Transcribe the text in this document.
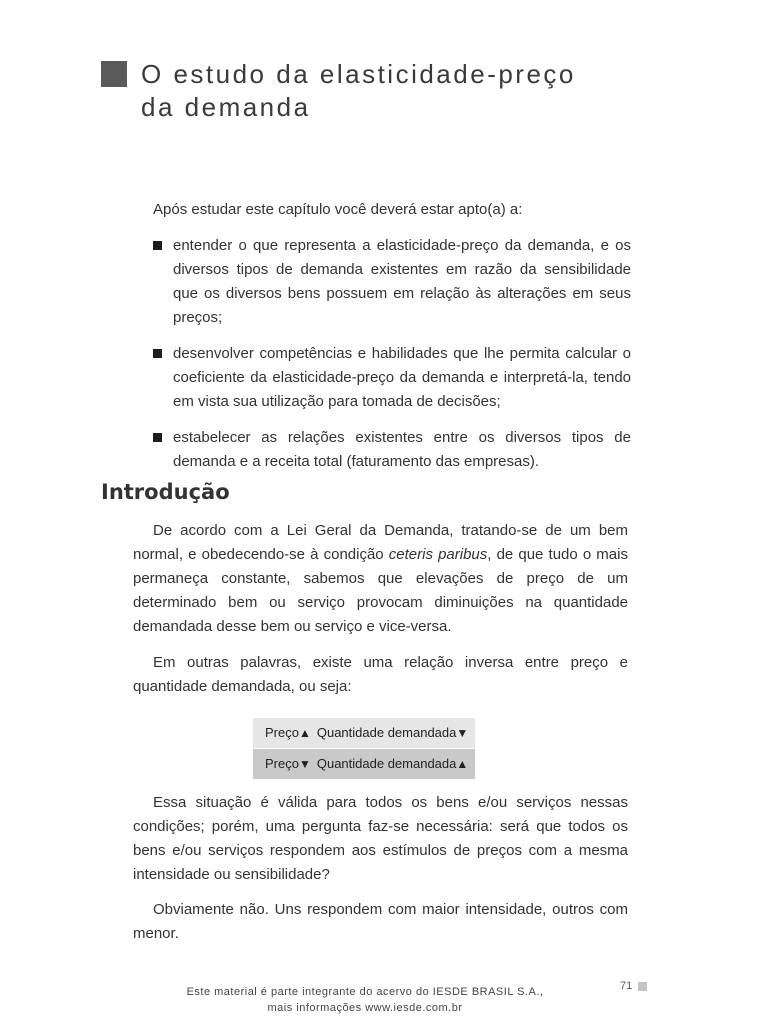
O estudo da elasticidade-preço
da demanda

Após estudar este capítulo você deverá estar apto(a) a:

entender o que representa a elasticidade-preço da demanda, e os diversos tipos de demanda existentes em razão da sensibilidade que os diversos bens possuem em relação às alterações em seus preços;
desenvolver competências e habilidades que lhe permita calcular o coeficiente da elasticidade-preço da demanda e interpretá-la, tendo em vista sua utilização para tomada de decisões;
estabelecer as relações existentes entre os diversos tipos de demanda e a receita total (faturamento das empresas).
Introdução

De acordo com a Lei Geral da Demanda, tratando-se de um bem normal, e obedecendo-se à condição ceteris paribus, de que tudo o mais permaneça constante, sabemos que elevações de preço de um determinado bem ou serviço provocam diminuições na quantidade demandada desse bem ou serviço e vice-versa.

Em outras palavras, existe uma relação inversa entre preço e quantidade demandada, ou seja:

Preço▲ Quantidade demandada▼
Preço▼ Quantidade demandada▲

Essa situação é válida para todos os bens e/ou serviços nessas condições; porém, uma pergunta faz-se necessária: será que todos os bens e/ou serviços respondem aos estímulos de preços com a mesma intensidade ou sensibilidade?

Obviamente não. Uns respondem com maior intensidade, outros com menor.

Este material é parte integrante do acervo do IESDE BRASIL S.A.,
mais informações www.iesde.com.br
71
